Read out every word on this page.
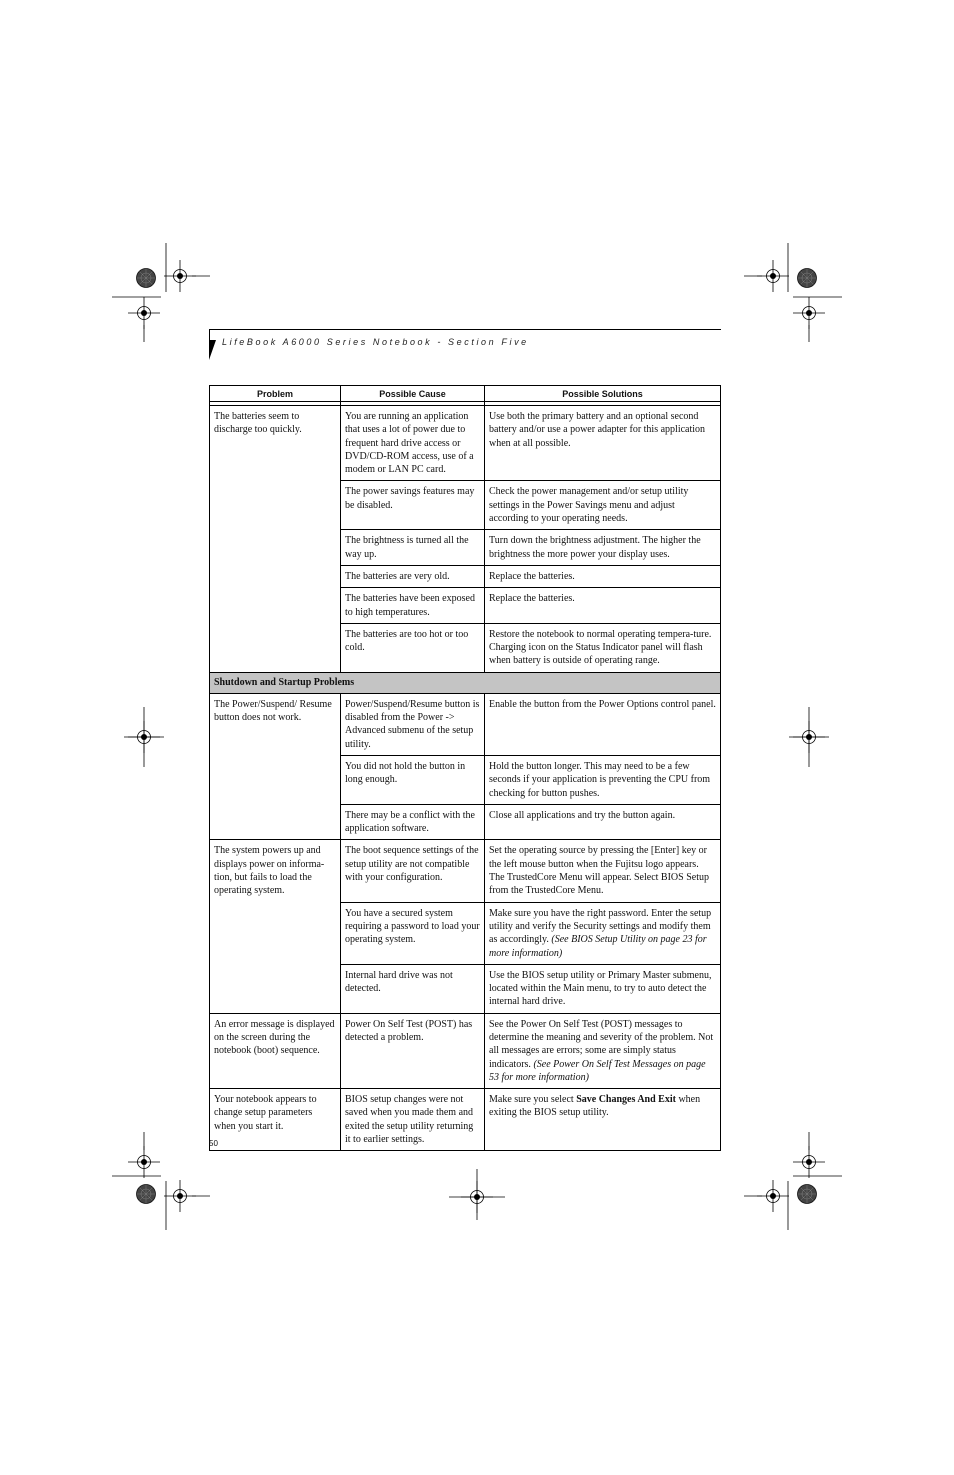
LifeBook A6000 Series Notebook - Section Five
Problem	Possible Cause	Possible Solutions

The batteries seem to discharge too quickly.	You are running an application that uses a lot of power due to frequent hard drive access or DVD/CD-ROM access, use of a modem or LAN PC card.	Use both the primary battery and an optional second battery and/or use a power adapter for this application when at all possible.
	The power savings features may be disabled.	Check the power management and/or setup utility settings in the Power Savings menu and adjust according to your operating needs.
	The brightness is turned all the way up.	Turn down the brightness adjustment. The higher the brightness the more power your display uses.
	The batteries are very old.	Replace the batteries.
	The batteries have been exposed to high temperatures.	Replace the batteries.
	The batteries are too hot or too cold.	Restore the notebook to normal operating tempera-ture. Charging icon on the Status Indicator panel will flash when battery is outside of operating range.
Shutdown and Startup Problems		
The Power/Suspend/ Resume button does not work.	Power/Suspend/Resume button is disabled from the Power -> Advanced submenu of the setup utility.	Enable the button from the Power Options control panel.
	You did not hold the button in long enough.	Hold the button longer. This may need to be a few seconds if your application is preventing the CPU from checking for button pushes.
	There may be a conflict with the application software.	Close all applications and try the button again.
The system powers up and displays power on informa-tion, but fails to load the operating system.	The boot sequence settings of the setup utility are not compatible with your configuration.	Set the operating source by pressing the [Enter] key or the left mouse button when the Fujitsu logo appears. The TrustedCore Menu will appear. Select BIOS Setup from the TrustedCore Menu.
	You have a secured system requiring a password to load your operating system.	Make sure you have the right password. Enter the setup utility and verify the Security settings and modify them as accordingly. (See BIOS Setup Utility on page 23 for more information)
	Internal hard drive was not detected.	Use the BIOS setup utility or Primary Master submenu, located within the Main menu, to try to auto detect the internal hard drive.
An error message is displayed on the screen during the notebook (boot) sequence.	Power On Self Test (POST) has detected a problem.	See the Power On Self Test (POST) messages to determine the meaning and severity of the problem. Not all messages are errors; some are simply status indicators. (See Power On Self Test Messages on page 53 for more information)
Your notebook appears to change setup parameters when you start it.	BIOS setup changes were not saved when you made them and exited the setup utility returning it to earlier settings.	Make sure you select Save Changes And Exit when exiting the BIOS setup utility.
50
